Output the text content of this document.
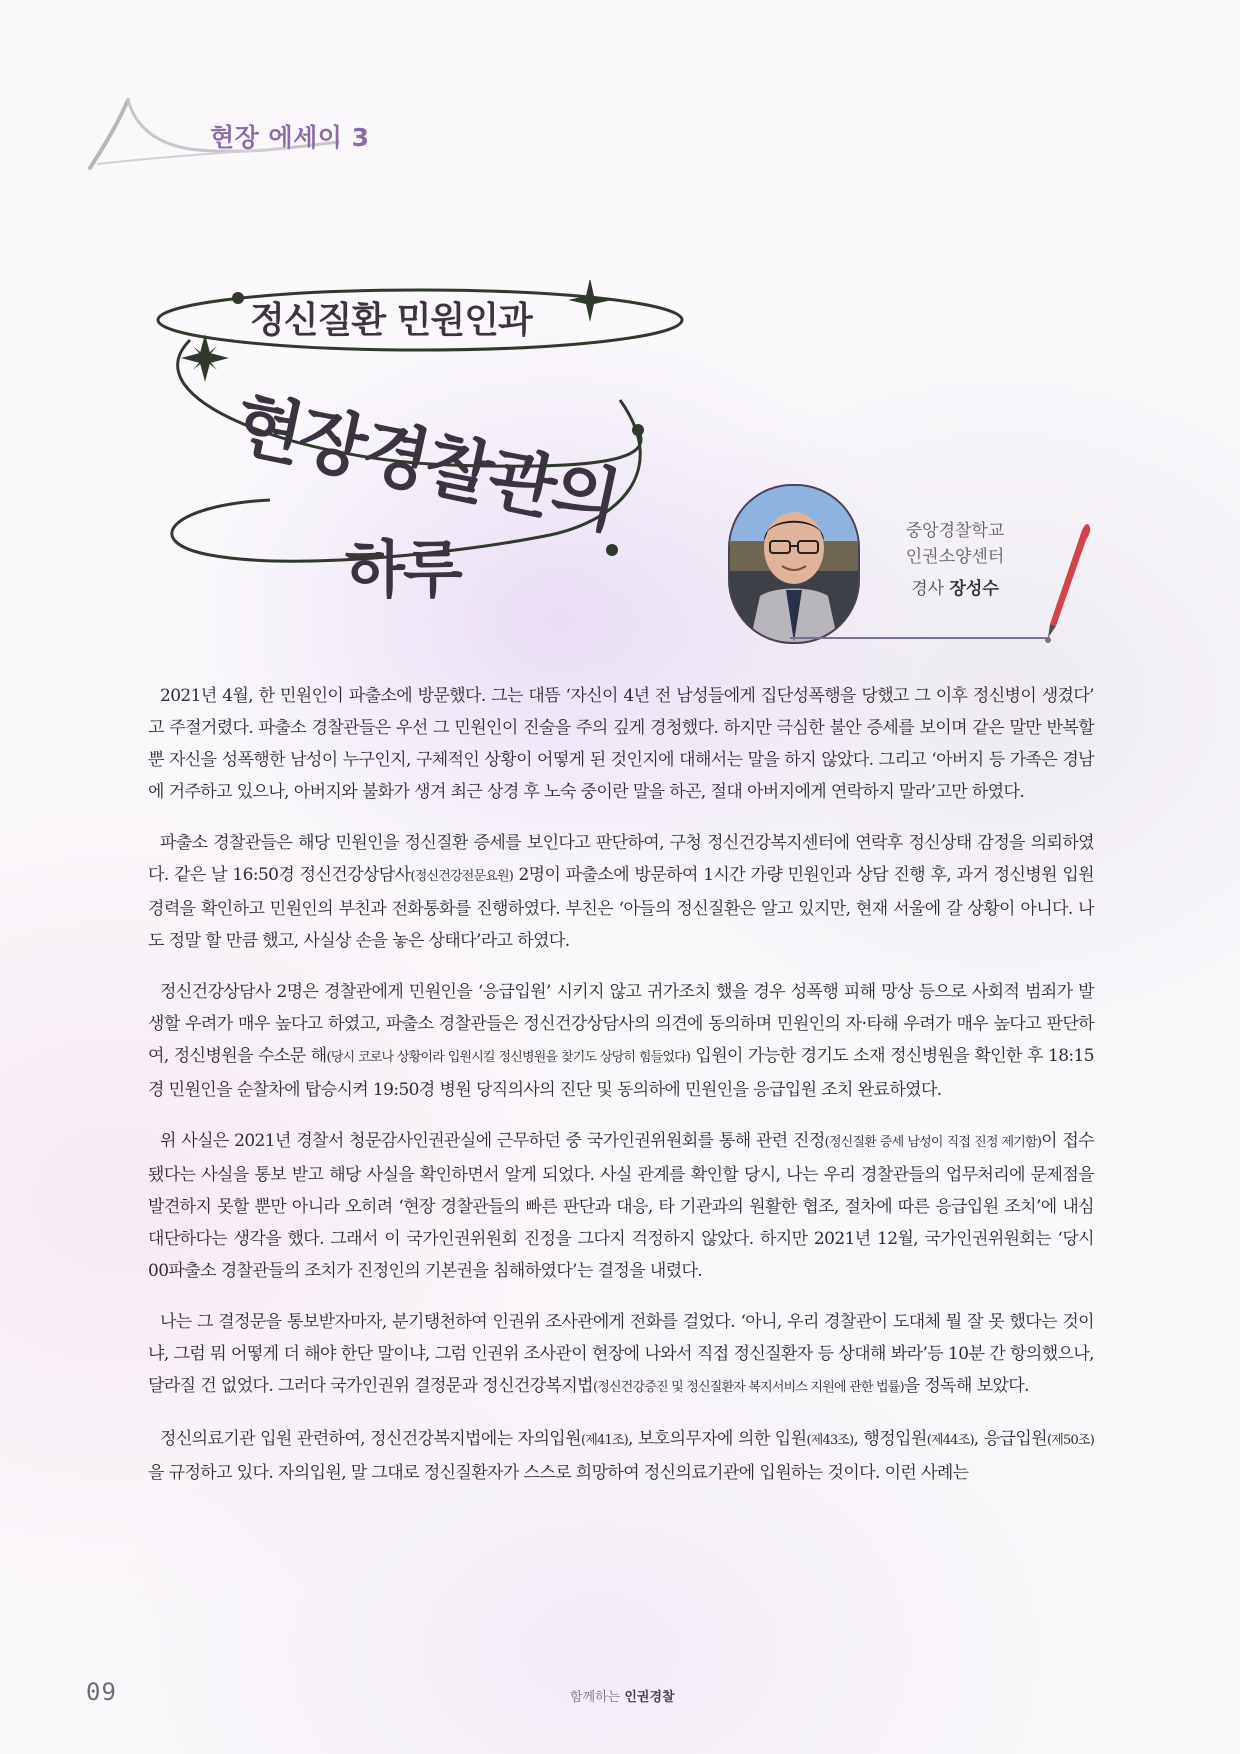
현장 에세이 3
정신질환 민원인과
현장경찰관의
하루
중앙경찰학교
인권소양센터
경사 장성수

2021년 4월, 한 민원인이 파출소에 방문했다. 그는 대뜸 ‘자신이 4년 전 남성들에게 집단성폭행을 당했고 그 이후 정신병이 생겼다’ 고 주절거렸다. 파출소 경찰관들은 우선 그 민원인이 진술을 주의 깊게 경청했다. 하지만 극심한 불안 증세를 보이며 같은 말만 반복할 뿐 자신을 성폭행한 남성이 누구인지, 구체적인 상황이 어떻게 된 것인지에 대해서는 말을 하지 않았다. 그리고 ‘아버지 등 가족은 경남에 거주하고 있으나, 아버지와 불화가 생겨 최근 상경 후 노숙 중이란 말을 하곤, 절대 아버지에게 연락하지 말라’고만 하였다.

파출소 경찰관들은 해당 민원인을 정신질환 증세를 보인다고 판단하여, 구청 정신건강복지센터에 연락후 정신상태 감정을 의뢰하였다. 같은 날 16:50경 정신건강상담사(정신건강전문요원) 2명이 파출소에 방문하여 1시간 가량 민원인과 상담 진행 후, 과거 정신병원 입원 경력을 확인하고 민원인의 부친과 전화통화를 진행하였다. 부친은 ‘아들의 정신질환은 알고 있지만, 현재 서울에 갈 상황이 아니다. 나도 정말 할 만큼 했고, 사실상 손을 놓은 상태다’라고 하였다.

정신건강상담사 2명은 경찰관에게 민원인을 ‘응급입원’ 시키지 않고 귀가조치 했을 경우 성폭행 피해 망상 등으로 사회적 범죄가 발생할 우려가 매우 높다고 하였고, 파출소 경찰관들은 정신건강상담사의 의견에 동의하며 민원인의 자·타해 우려가 매우 높다고 판단하여, 정신병원을 수소문 해(당시 코로나 상황이라 입원시킬 정신병원을 찾기도 상당히 힘들었다) 입원이 가능한 경기도 소재 정신병원을 확인한 후 18:15경 민원인을 순찰차에 탑승시켜 19:50경 병원 당직의사의 진단 및 동의하에 민원인을 응급입원 조치 완료하였다.

위 사실은 2021년 경찰서 청문감사인권관실에 근무하던 중 국가인권위원회를 통해 관련 진정(정신질환 증세 남성이 직접 진정 제기함)이 접수됐다는 사실을 통보 받고 해당 사실을 확인하면서 알게 되었다. 사실 관계를 확인할 당시, 나는 우리 경찰관들의 업무처리에 문제점을 발견하지 못할 뿐만 아니라 오히려 ‘현장 경찰관들의 빠른 판단과 대응, 타 기관과의 원활한 협조, 절차에 따른 응급입원 조치’에 내심 대단하다는 생각을 했다. 그래서 이 국가인권위원회 진정을 그다지 걱정하지 않았다. 하지만 2021년 12월, 국가인권위원회는 ‘당시 00파출소 경찰관들의 조치가 진정인의 기본권을 침해하였다’는 결정을 내렸다.

나는 그 결정문을 통보받자마자, 분기탱천하여 인권위 조사관에게 전화를 걸었다. ‘아니, 우리 경찰관이 도대체 뭘 잘 못 했다는 것이냐, 그럼 뭐 어떻게 더 해야 한단 말이냐, 그럼 인권위 조사관이 현장에 나와서 직접 정신질환자 등 상대해 봐라’등 10분 간 항의했으나, 달라질 건 없었다. 그러다 국가인권위 결정문과 정신건강복지법(정신건강증진 및 정신질환자 복지서비스 지원에 관한 법률)을 정독해 보았다.

정신의료기관 입원 관련하여, 정신건강복지법에는 자의입원(제41조), 보호의무자에 의한 입원(제43조), 행정입원(제44조), 응급입원(제50조)을 규정하고 있다. 자의입원, 말 그대로 정신질환자가 스스로 희망하여 정신의료기관에 입원하는 것이다. 이런 사례는

09	함께하는 인권경찰
